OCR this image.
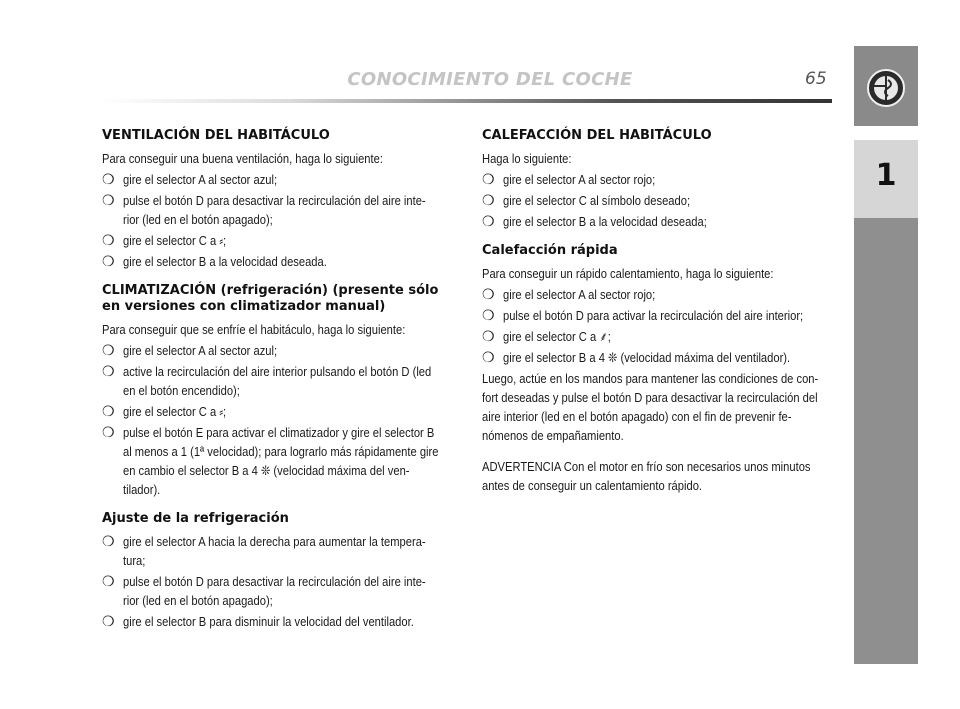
CONOCIMIENTO DEL COCHE	65
1
VENTILACIÓN DEL HABITÁCULO
Para conseguir una buena ventilación, haga lo siguiente:
❍ gire el selector A al sector azul;
❍ pulse el botón D para desactivar la recirculación del aire inte- rior (led en el botón apagado);
❍ gire el selector C a ⸗;
❍ gire el selector B a la velocidad deseada.
CLIMATIZACIÓN (refrigeración) (presente sólo en versiones con climatizador manual)
Para conseguir que se enfríe el habitáculo, haga lo siguiente:
❍ gire el selector A al sector azul;
❍ active la recirculación del aire interior pulsando el botón D (led en el botón encendido);
❍ gire el selector C a ⸗;
❍ pulse el botón E para activar el climatizador y gire el selector B al menos a 1 (1ª velocidad); para lograrlo más rápidamente gire en cambio el selector B a 4 ❊ (velocidad máxima del ven- tilador).
Ajuste de la refrigeración
❍ gire el selector A hacia la derecha para aumentar la tempera- tura;
❍ pulse el botón D para desactivar la recirculación del aire inte- rior (led en el botón apagado);
❍ gire el selector B para disminuir la velocidad del ventilador.
CALEFACCIÓN DEL HABITÁCULO
Haga lo siguiente:
❍ gire el selector A al sector rojo;
❍ gire el selector C al símbolo deseado;
❍ gire el selector B a la velocidad deseada;
Calefacción rápida
Para conseguir un rápido calentamiento, haga lo siguiente:
❍ gire el selector A al sector rojo;
❍ pulse el botón D para activar la recirculación del aire interior;
❍ gire el selector C a ⸙;
❍ gire el selector B a 4 ❊ (velocidad máxima del ventilador).
Luego, actúe en los mandos para mantener las condiciones de con- fort deseadas y pulse el botón D para desactivar la recirculación del aire interior (led en el botón apagado) con el fin de prevenir fe- nómenos de empañamiento.
ADVERTENCIA Con el motor en frío son necesarios unos minutos antes de conseguir un calentamiento rápido.
